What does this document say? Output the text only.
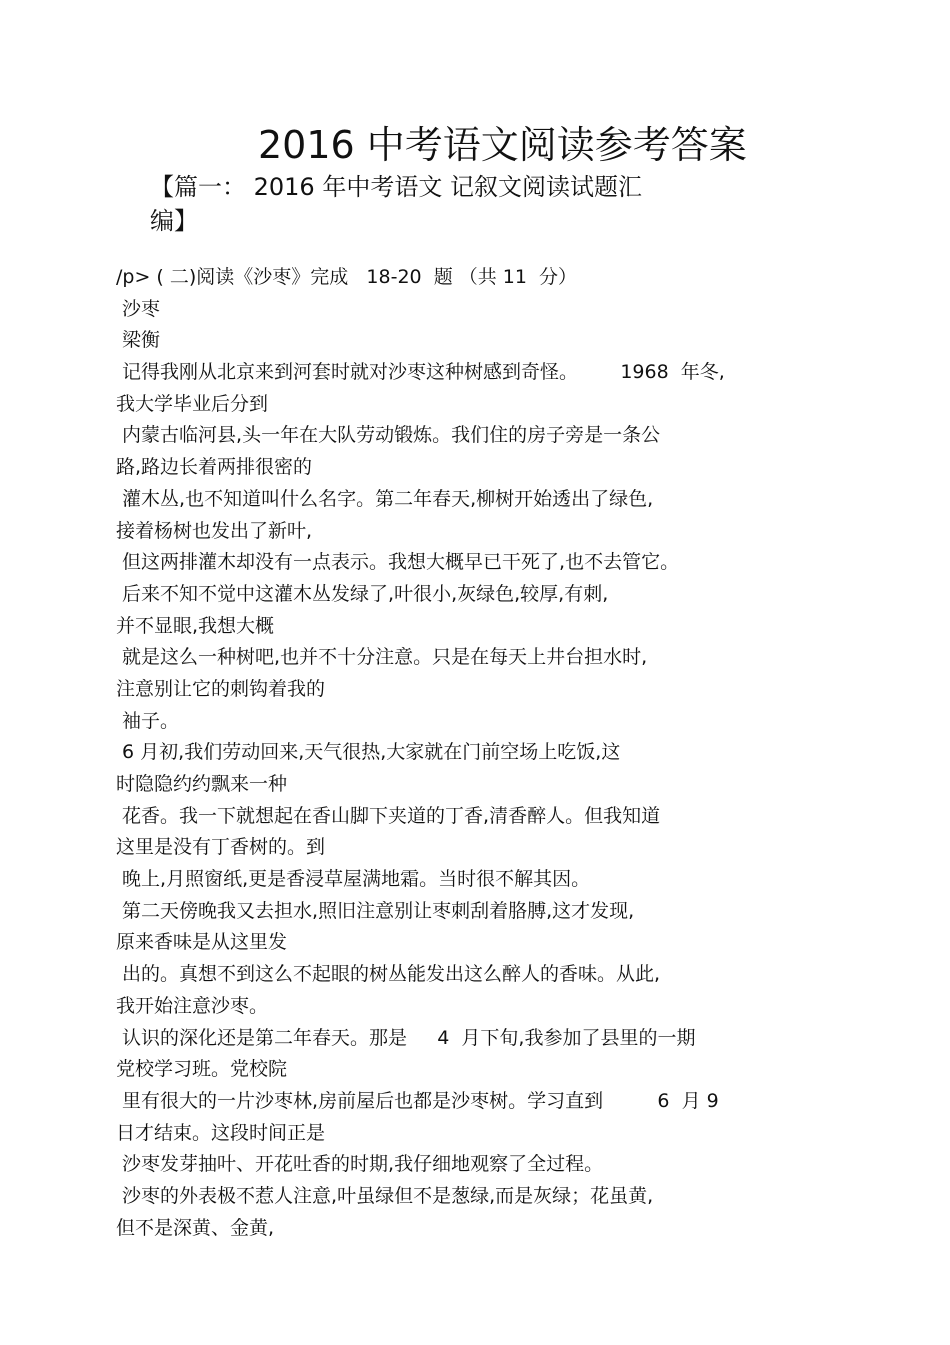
2016 中考语文阅读参考答案
【篇一： 2016 年中考语文 记叙文阅读试题汇
编】
/p> ( 二)阅读《沙枣》完成   18-20  题 （共 11  分）
沙枣
梁衡
记得我刚从北京来到河套时就对沙枣这种树感到奇怪。       1968  年冬,
我大学毕业后分到
内蒙古临河县,头一年在大队劳动锻炼。我们住的房子旁是一条公
路,路边长着两排很密的
灌木丛,也不知道叫什么名字。第二年春天,柳树开始透出了绿色,
接着杨树也发出了新叶,
但这两排灌木却没有一点表示。我想大概早已干死了,也不去管它。
后来不知不觉中这灌木丛发绿了,叶很小,灰绿色,较厚,有刺,
并不显眼,我想大概
就是这么一种树吧,也并不十分注意。只是在每天上井台担水时,
注意别让它的刺钩着我的
袖子。
6 月初,我们劳动回来,天气很热,大家就在门前空场上吃饭,这
时隐隐约约飘来一种
花香。我一下就想起在香山脚下夹道的丁香,清香醉人。但我知道
这里是没有丁香树的。到
晚上,月照窗纸,更是香浸草屋满地霜。当时很不解其因。
第二天傍晚我又去担水,照旧注意别让枣刺刮着胳膊,这才发现,
原来香味是从这里发
出的。真想不到这么不起眼的树丛能发出这么醉人的香味。从此,
我开始注意沙枣。
认识的深化还是第二年春天。那是     4  月下旬,我参加了县里的一期
党校学习班。党校院
里有很大的一片沙枣林,房前屋后也都是沙枣树。学习直到         6  月 9
日才结束。这段时间正是
沙枣发芽抽叶、开花吐香的时期,我仔细地观察了全过程。
沙枣的外表极不惹人注意,叶虽绿但不是葱绿,而是灰绿；花虽黄,
但不是深黄、金黄,
